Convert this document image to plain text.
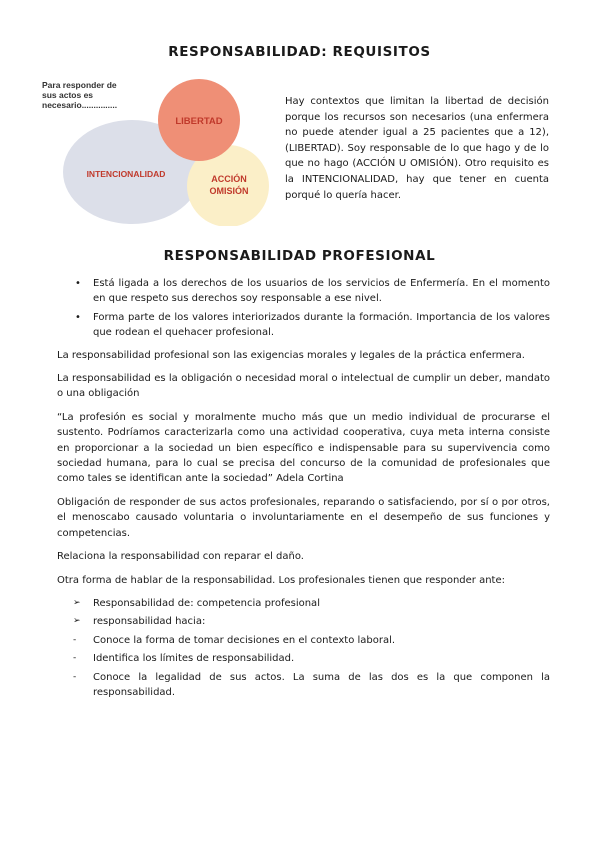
RESPONSABILIDAD: REQUISITOS
Para responder de
sus actos es
necesario...............
LIBERTAD
INTENCIONALIDAD	ACCIÓN
OMISIÓN

Hay contextos que limitan la libertad de decisión porque los recursos son necesarios (una enfermera no puede atender igual a 25 pacientes que a 12), (LIBERTAD). Soy responsable de lo que hago y de lo que no hago (ACCIÓN U OMISIÓN). Otro requisito es la INTENCIONALIDAD, hay que tener en cuenta porqué lo quería hacer.

RESPONSABILIDAD PROFESIONAL
• Está ligada a los derechos de los usuarios de los servicios de Enfermería. En el momento en que respeto sus derechos soy responsable a ese nivel.
• Forma parte de los valores interiorizados durante la formación. Importancia de los valores que rodean el quehacer profesional.

La responsabilidad profesional son las exigencias morales y legales de la práctica enfermera.

La responsabilidad es la obligación o necesidad moral o intelectual de cumplir un deber, mandato o una obligación

“La profesión es social y moralmente mucho más que un medio individual de procurarse el sustento. Podríamos caracterizarla como una actividad cooperativa, cuya meta interna consiste en proporcionar a la sociedad un bien específico e indispensable para su supervivencia como sociedad humana, para lo cual se precisa del concurso de la comunidad de profesionales que como tales se identifican ante la sociedad” Adela Cortina

Obligación de responder de sus actos profesionales, reparando o satisfaciendo, por sí o por otros, el menoscabo causado voluntaria o involuntariamente en el desempeño de sus funciones y competencias.

Relaciona la responsabilidad con reparar el daño.

Otra forma de hablar de la responsabilidad. Los profesionales tienen que responder ante:

➢ Responsabilidad de: competencia profesional
➢ responsabilidad hacia:
- Conoce la forma de tomar decisiones en el contexto laboral.
- Identifica los límites de responsabilidad.
- Conoce la legalidad de sus actos. La suma de las dos es la que componen la responsabilidad.
